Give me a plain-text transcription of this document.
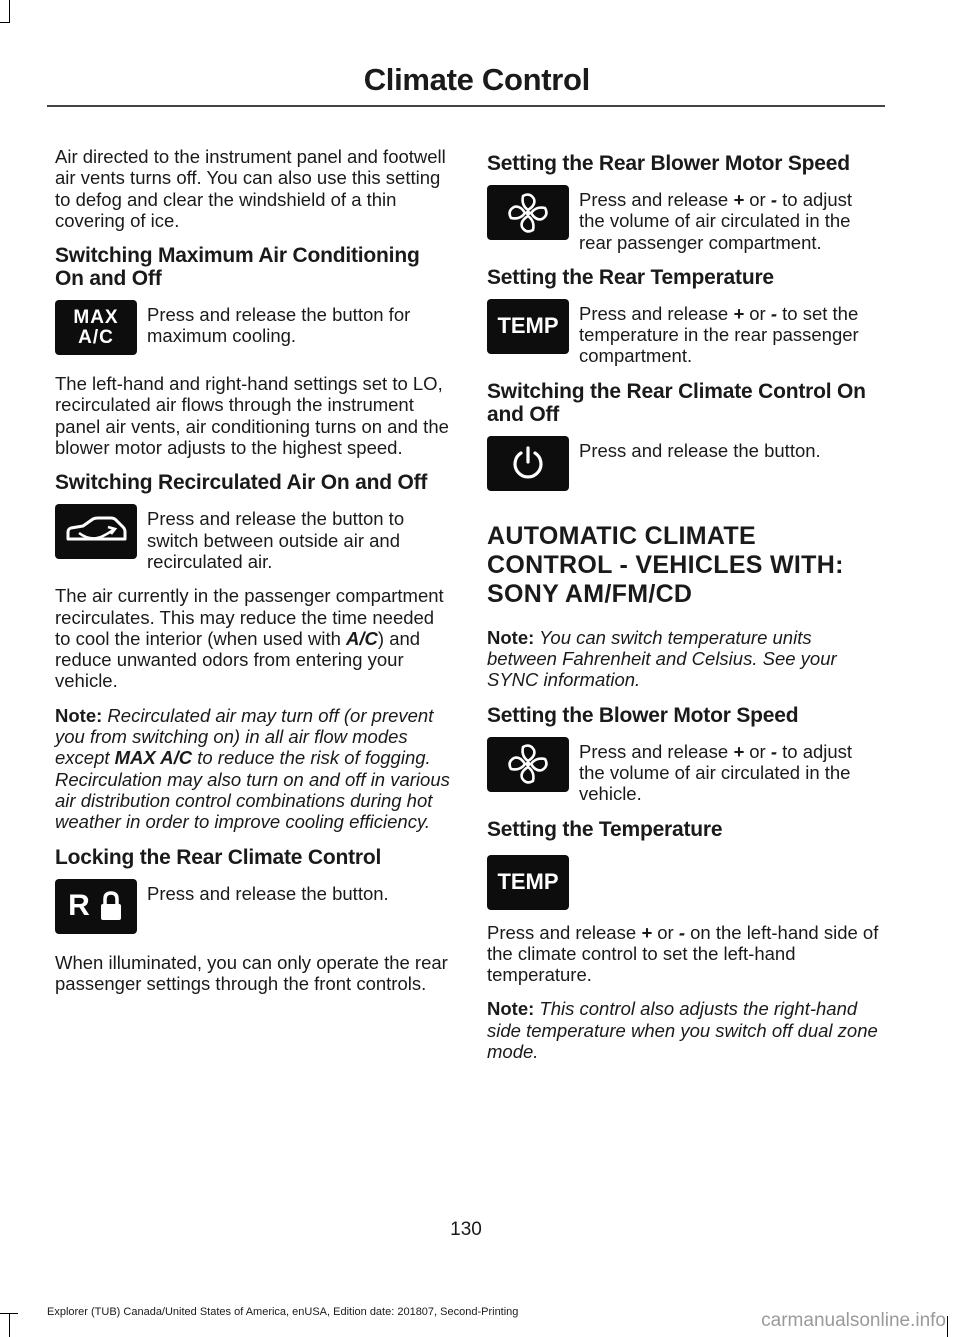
Climate Control

Air directed to the instrument panel and footwell air vents turns off. You can also use this setting to defog and clear the windshield of a thin covering of ice.

Switching Maximum Air Conditioning On and Off
MAX
A/C
Press and release the button for maximum cooling.

The left-hand and right-hand settings set to LO, recirculated air flows through the instrument panel air vents, air conditioning turns on and the blower motor adjusts to the highest speed.

Switching Recirculated Air On and Off
Press and release the button to switch between outside air and recirculated air.

The air currently in the passenger compartment recirculates. This may reduce the time needed to cool the interior (when used with A/C) and reduce unwanted odors from entering your vehicle.

Note: Recirculated air may turn off (or prevent you from switching on) in all air flow modes except MAX A/C to reduce the risk of fogging. Recirculation may also turn on and off in various air distribution control combinations during hot weather in order to improve cooling efficiency.

Locking the Rear Climate Control
R	Press and release the button.

When illuminated, you can only operate the rear passenger settings through the front controls.

Setting the Rear Blower Motor Speed
Press and release + or - to adjust the volume of air circulated in the rear passenger compartment.
Setting the Rear Temperature
TEMP	Press and release + or - to set the temperature in the rear passenger compartment.
Switching the Rear Climate Control On and Off
Press and release the button.
AUTOMATIC CLIMATE CONTROL - VEHICLES WITH: SONY AM/FM/CD

Note: You can switch temperature units between Fahrenheit and Celsius. See your SYNC information.

Setting the Blower Motor Speed
Press and release + or - to adjust the volume of air circulated in the vehicle.
Setting the Temperature
TEMP

Press and release + or - on the left-hand side of the climate control to set the left-hand temperature.

Note: This control also adjusts the right-hand side temperature when you switch off dual zone mode.

130
Explorer (TUB) Canada/United States of America, enUSA, Edition date: 201807, Second-Printing	carmanualsonline.info
